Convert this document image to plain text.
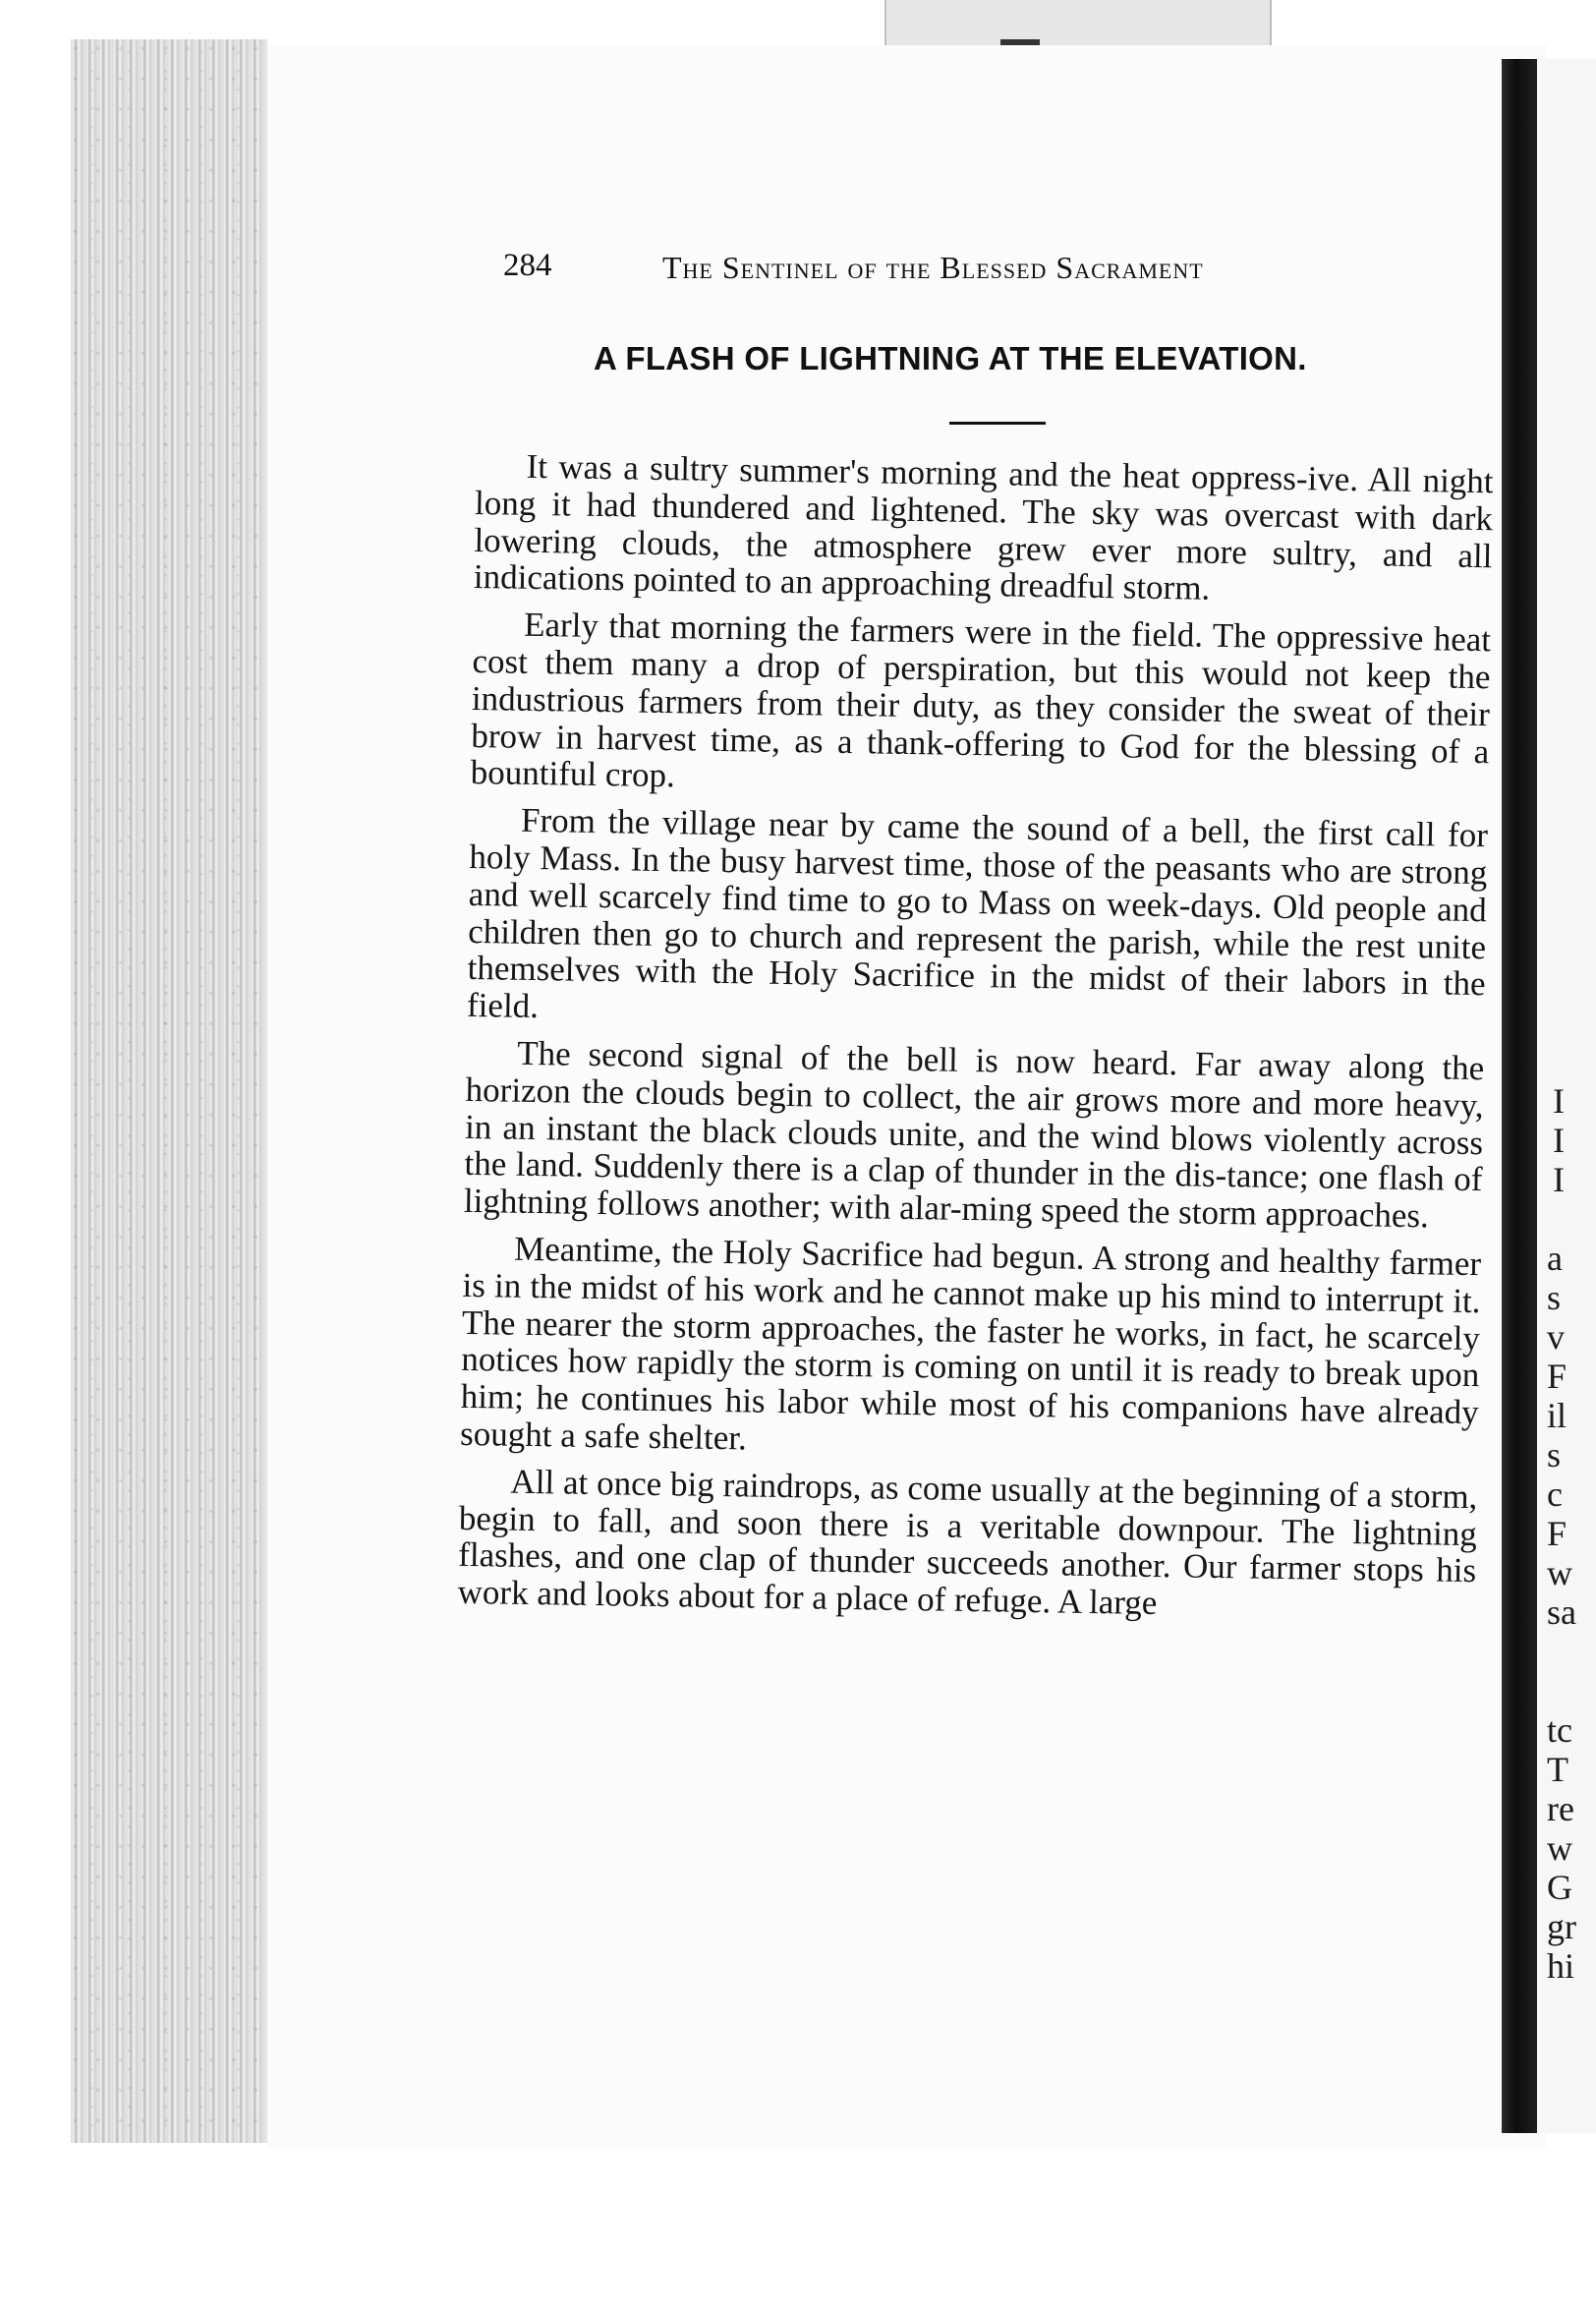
I
I
I
a
s
v
F
il
s
c
F
w
sa
tc
T
re
w
G
gr
hi
284	The Sentinel of the Blessed Sacrament
A FLASH OF LIGHTNING AT THE ELEVATION.

It was a sultry summer's morning and the heat oppress-ive. All night long it had thundered and lightened. The sky was overcast with dark lowering clouds, the atmosphere grew ever more sultry, and all indications pointed to an approaching dreadful storm.

Early that morning the farmers were in the field. The oppressive heat cost them many a drop of perspiration, but this would not keep the industrious farmers from their duty, as they consider the sweat of their brow in harvest time, as a thank-offering to God for the blessing of a bountiful crop.

From the village near by came the sound of a bell, the first call for holy Mass. In the busy harvest time, those of the peasants who are strong and well scarcely find time to go to Mass on week-days. Old people and children then go to church and represent the parish, while the rest unite themselves with the Holy Sacrifice in the midst of their labors in the field.

The second signal of the bell is now heard. Far away along the horizon the clouds begin to collect, the air grows more and more heavy, in an instant the black clouds unite, and the wind blows violently across the land. Suddenly there is a clap of thunder in the dis-tance; one flash of lightning follows another; with alar-ming speed the storm approaches.

Meantime, the Holy Sacrifice had begun. A strong and healthy farmer is in the midst of his work and he cannot make up his mind to interrupt it. The nearer the storm approaches, the faster he works, in fact, he scarcely notices how rapidly the storm is coming on until it is ready to break upon him; he continues his labor while most of his companions have already sought a safe shelter.

All at once big raindrops, as come usually at the beginning of a storm, begin to fall, and soon there is a veritable downpour. The lightning flashes, and one clap of thunder succeeds another. Our farmer stops his work and looks about for a place of refuge. A large
